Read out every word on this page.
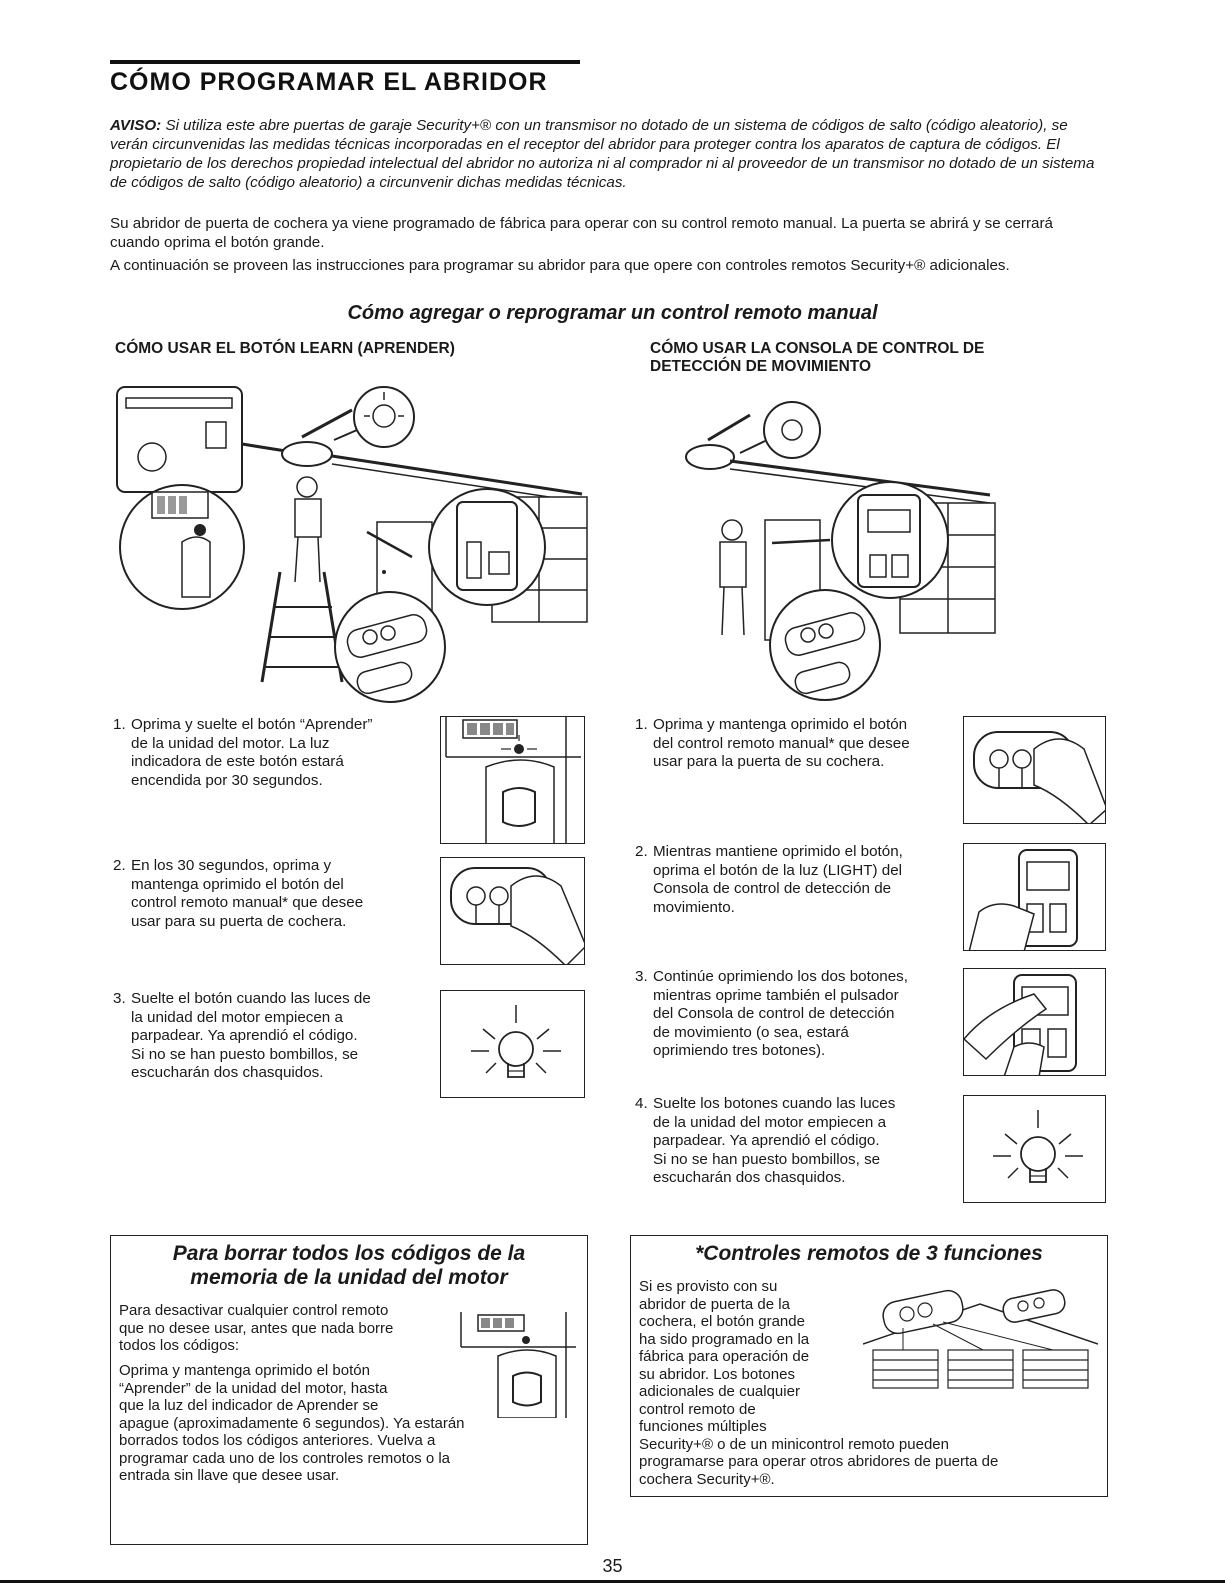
CÓMO PROGRAMAR EL ABRIDOR

AVISO: Si utiliza este abre puertas de garaje Security+® con un transmisor no dotado de un sistema de códigos de salto (código aleatorio), se verán circunvenidas las medidas técnicas incorporadas en el receptor del abridor para proteger contra los aparatos de captura de códigos. El propietario de los derechos propiedad intelectual del abridor no autoriza ni al comprador ni al proveedor de un transmisor no dotado de un sistema de códigos de salto (código aleatorio) a circunvenir dichas medidas técnicas.

Su abridor de puerta de cochera ya viene programado de fábrica para operar con su control remoto manual. La puerta se abrirá y se cerrará cuando oprima el botón grande.

A continuación se proveen las instrucciones para programar su abridor para que opere con controles remotos Security+® adicionales.

Cómo agregar o reprogramar un control remoto manual
CÓMO USAR EL BOTÓN LEARN (APRENDER)
1. Oprima y suelte el botón “Aprender”
de la unidad del motor. La luz
indicadora de este botón estará
encendida por 30 segundos.
2. En los 30 segundos, oprima y
mantenga oprimido el botón del
control remoto manual* que desee
usar para su puerta de cochera.
3. Suelte el botón cuando las luces de
la unidad del motor empiecen a
parpadear. Ya aprendió el código.
Si no se han puesto bombillos, se
escucharán dos chasquidos.
CÓMO USAR LA CONSOLA DE CONTROL DE
DETECCIÓN DE MOVIMIENTO
1. Oprima y mantenga oprimido el botón
del control remoto manual* que desee
usar para la puerta de su cochera.
2. Mientras mantiene oprimido el botón,
oprima el botón de la luz (LIGHT) del
Consola de control de detección de
movimiento.
3. Continúe oprimiendo los dos botones,
mientras oprime también el pulsador
del Consola de control de detección
de movimiento (o sea, estará
oprimiendo tres botones).
4. Suelte los botones cuando las luces
de la unidad del motor empiecen a
parpadear. Ya aprendió el código.
Si no se han puesto bombillos, se
escucharán dos chasquidos.
Para borrar todos los códigos de la memoria de la unidad del motor

Para desactivar cualquier control remoto
que no desee usar, antes que nada borre
todos los códigos:

Oprima y mantenga oprimido el botón
“Aprender” de la unidad del motor, hasta
que la luz del indicador de Aprender se
apague (aproximadamente 6 segundos). Ya estarán
borrados todos los códigos anteriores. Vuelva a
programar cada uno de los controles remotos o la
entrada sin llave que desee usar.

*Controles remotos de 3 funciones

Si es provisto con su
abridor de puerta de la
cochera, el botón grande
ha sido programado en la
fábrica para operación de
su abridor. Los botones
adicionales de cualquier
control remoto de
funciones múltiples
Security+® o de un minicontrol remoto pueden
programarse para operar otros abridores de puerta de
cochera Security+®.

35
